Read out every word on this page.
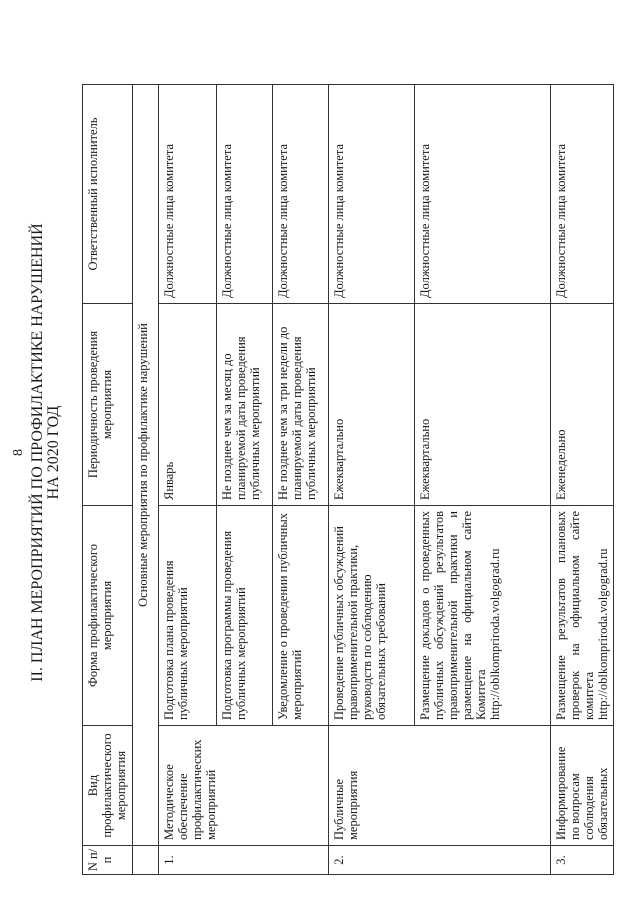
8 II. ПЛАН МЕРОПРИЯТИЙ ПО ПРОФИЛАКТИКЕ НАРУШЕНИЙ НА 2020 ГОД
N п/п	Вид профилактического мероприятия	Форма профилактического мероприятия	Периодичность проведения мероприятия	Ответственный исполнитель
	Основные мероприятия по профилактике нарушений			
1.	Методическое обеспечение профилактических мероприятий	Подготовка плана проведения публичных мероприятий	Январь	Должностные лица комитета
		Подготовка программы проведения публичных мероприятий	Не позднее чем за месяц до планируемой даты проведения публичных мероприятий	Должностные лица комитета
		Уведомление о проведении публичных мероприятий	Не позднее чем за три недели до планируемой даты проведения публичных мероприятий	Должностные лица комитета
2.	Публичные мероприятия	Проведение публичных обсуждений правоприменительной практики, руководств по соблюдению обязательных требований	Ежеквартально	Должностные лица комитета
		Размещение докладов о проведенных публичных обсуждений результатов правоприменительной практики и размещение на официальном сайте Комитета http://oblkompriroda.volgograd.ru	Ежеквартально	Должностные лица комитета
3.	Информирование по вопросам соблюдения обязательных	Размещение результатов плановых проверок на официальном сайте комитета http://oblkompriroda.volgograd.ru	Еженедельно	Должностные лица комитета
